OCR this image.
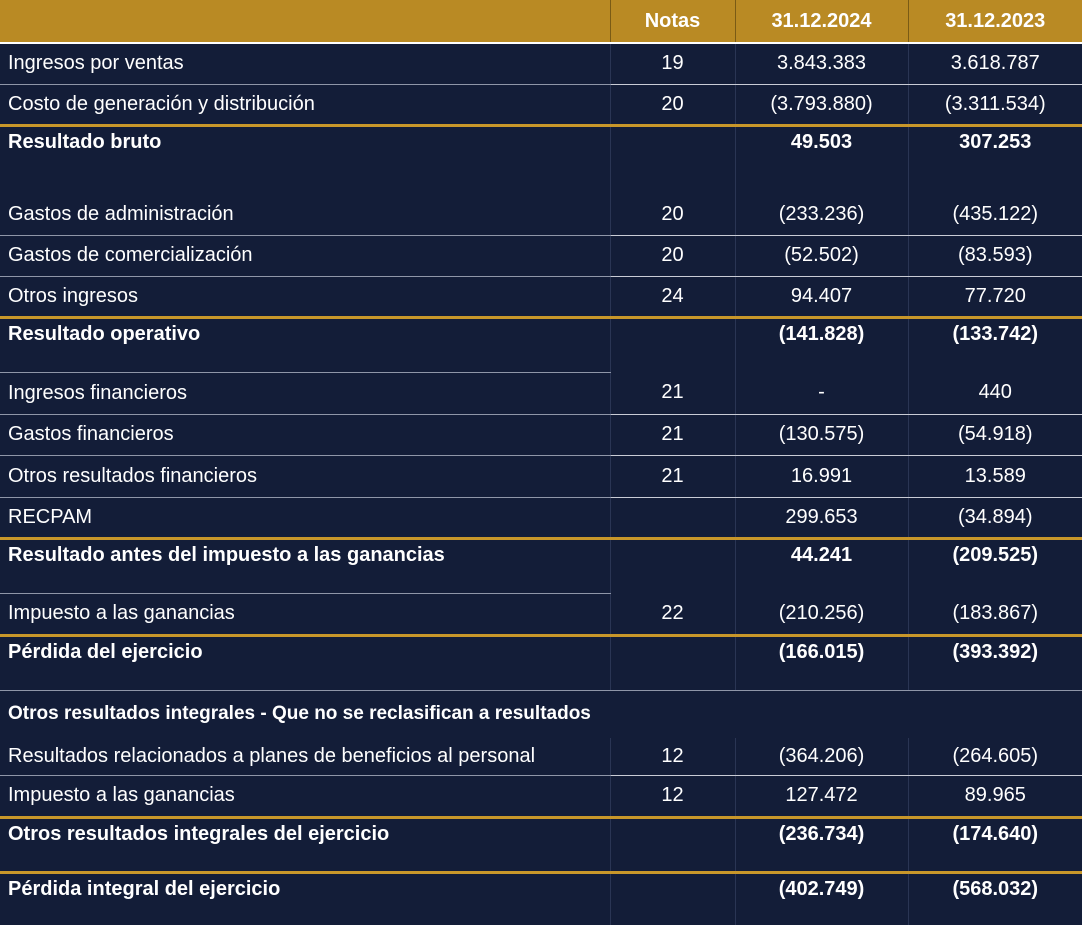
	Notas	31.12.2024	31.12.2023
Ingresos por ventas	19	3.843.383	3.618.787
Costo de generación y distribución	20	(3.793.880)	(3.311.534)
Resultado bruto		49.503	307.253
Gastos de administración	20	(233.236)	(435.122)
Gastos de comercialización	20	(52.502)	(83.593)
Otros ingresos	24	94.407	77.720
Resultado operativo		(141.828)	(133.742)
Ingresos financieros	21	-	440
Gastos financieros	21	(130.575)	(54.918)
Otros resultados financieros	21	16.991	13.589
RECPAM		299.653	(34.894)
Resultado antes del impuesto a las ganancias		44.241	(209.525)
Impuesto a las ganancias	22	(210.256)	(183.867)
Pérdida del ejercicio		(166.015)	(393.392)
Otros resultados integrales - Que no se reclasifican a resultados			
Resultados relacionados a planes de beneficios al personal	12	(364.206)	(264.605)
Impuesto a las ganancias	12	127.472	89.965
Otros resultados integrales del ejercicio		(236.734)	(174.640)
Pérdida integral del ejercicio		(402.749)	(568.032)
